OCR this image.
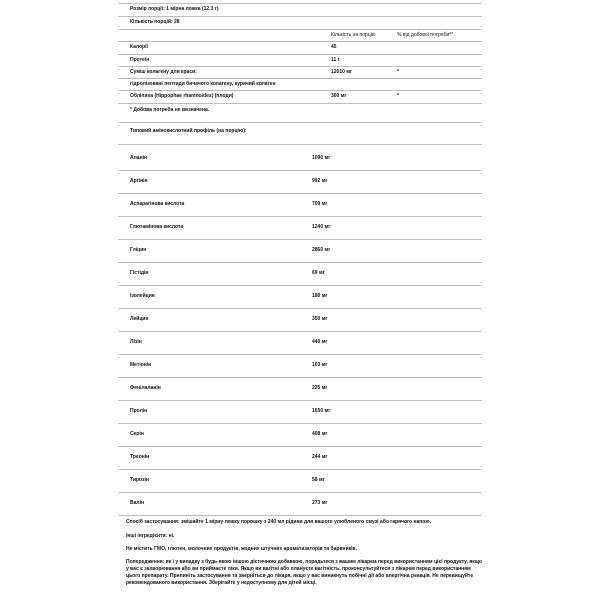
Розмір порції: 1 мірна ложка (12.3 г)
Кількість порцій: 28
Кількість на порцію	% від добової потреби**
Калорії	45
Протеїн	11 г
Суміш колагену для краси:	12010 мг	*
гідролізовані пептиди бичачого колагену, курячий колаген
Обліпиха (Hippophae rhamnoides) (плоди)	300 мг	*
* Добова потреба не визначена.
Типовий амінокислотний профіль (на порцію):
Аланін	1090 мг
Аргінін	992 мг
Аспарагінова кислота	709 мг
Глютамінова кислота	1240 мг
Гліцин	2860 мг
Гістідін	69 мг
Ізолейцин	180 мг
Лейцин	350 мг
Лізін	440 мг
Метіонін	103 мг
Фенілаланін	225 мг
Пролін	1650 мг
Серін	408 мг
Треонін	244 мг
Тирозін	58 мг
Валін	273 мг
Спосіб застосування: змішайте 1 мірну ложку порошку з 240 мл рідини для вашого улюбленого смузі або гарячого напою.
Інші інгредієнти: ні.
Не містить ГМО, глютен, молочних продуктів, жодних штучних ароматизаторів та барвників.
Попередження: як і у випадку з будь-якою іншою дієтичною добавкою, порадьтеся з вашим лікарем перед використанням цієї продукту, якщо у вас є захворювання або ви приймаєте ліки. Якщо ви вагітні або плануєте вагітність, проконсультуйтеся з лікарем перед використанням цього препарату. Припиніть застосування та зверніться до лікаря, якщо у вас виникнуть побічні дії або алергічна реакція. Не перевищуйте рекомендованого використання. Зберігайте у недоступному для дітей місці.
